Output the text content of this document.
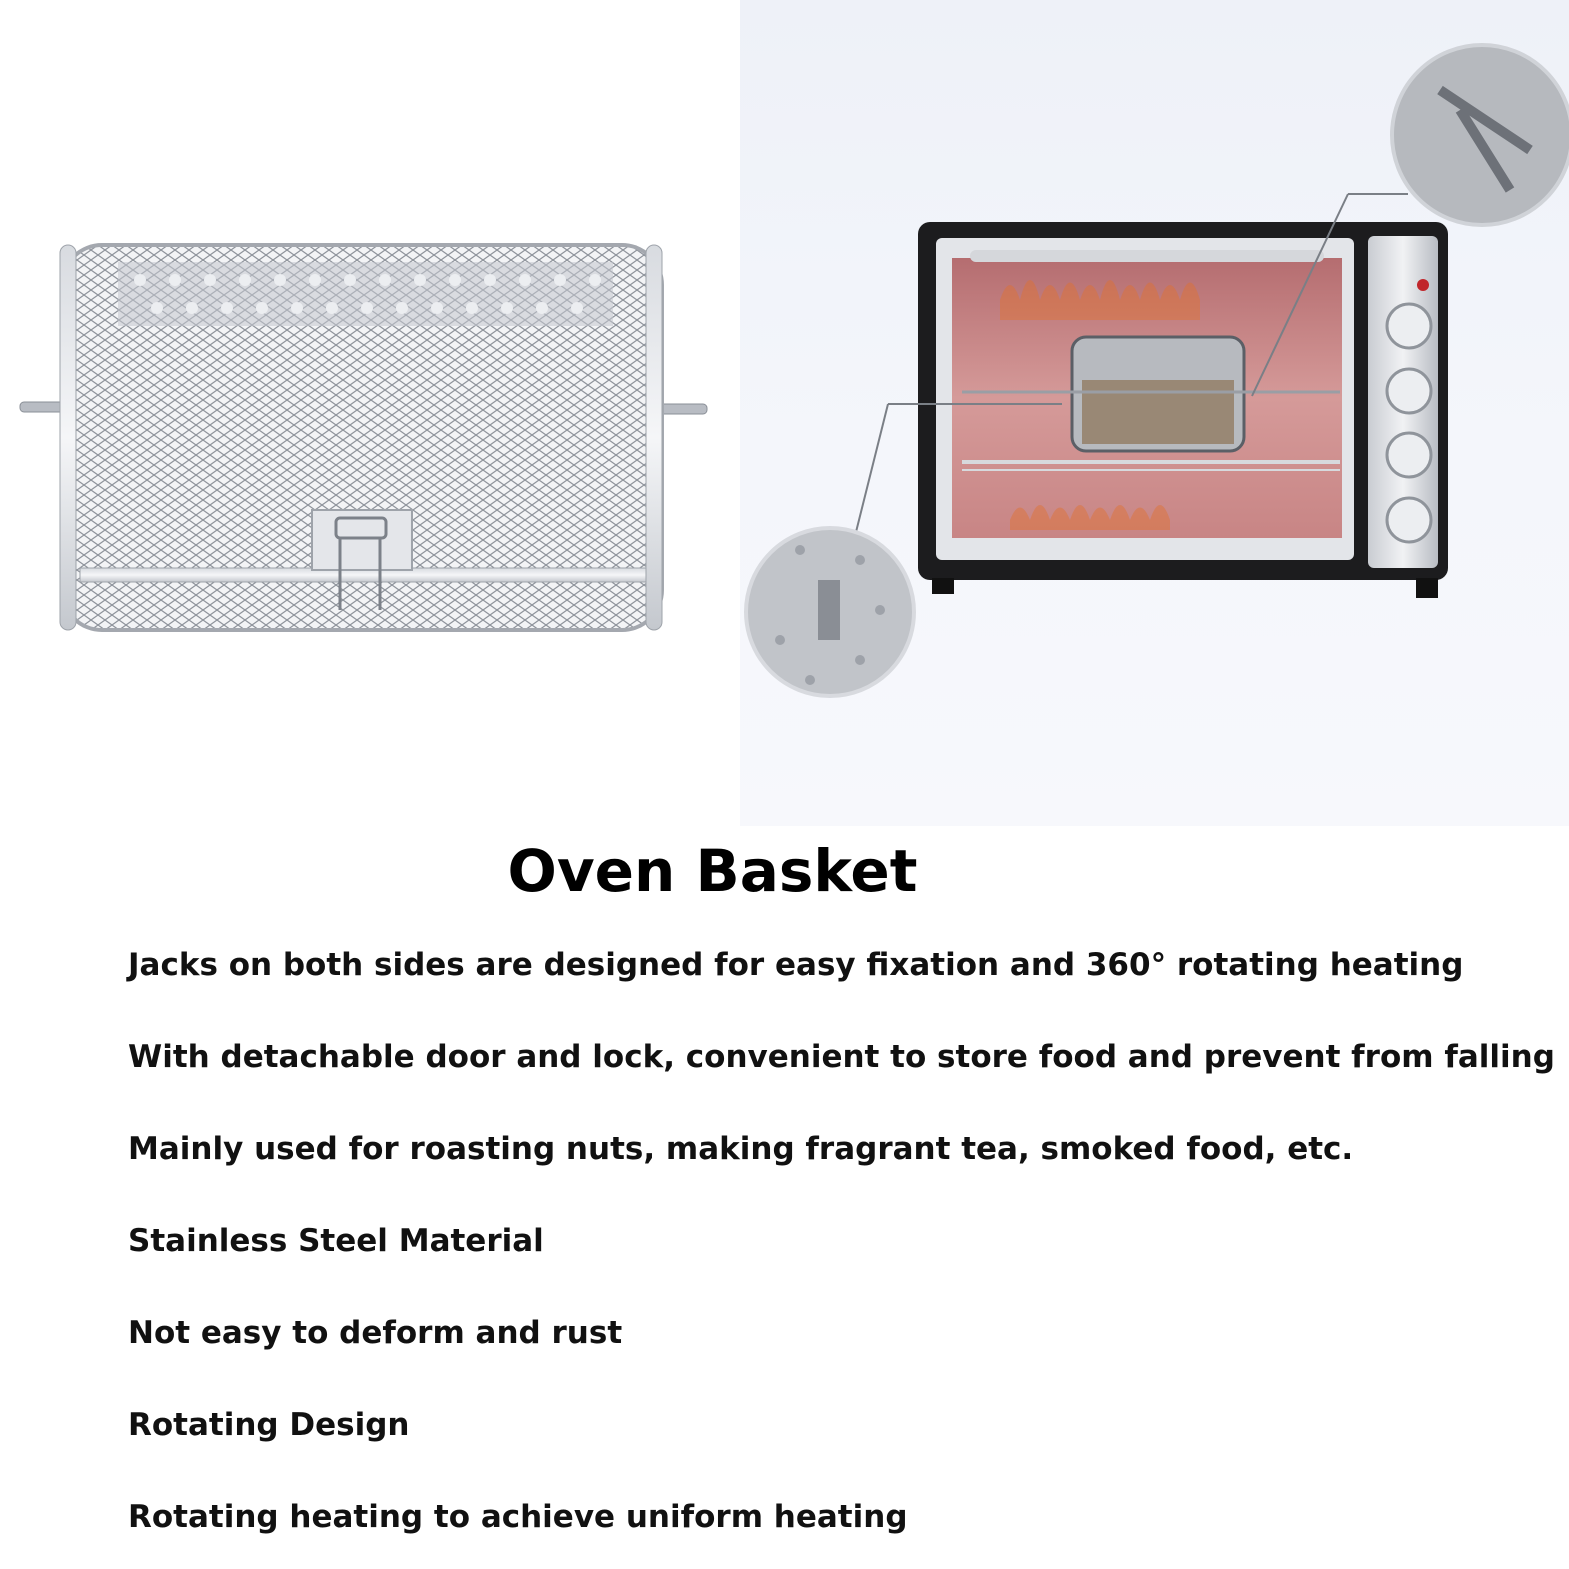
Oven Basket
Jacks on both sides are designed for easy fixation and 360° rotating heating
With detachable door and lock, convenient to store food and prevent from falling
Mainly used for roasting nuts, making fragrant tea, smoked food, etc.
Stainless Steel Material
Not easy to deform and rust
Rotating Design
Rotating heating to achieve uniform heating
